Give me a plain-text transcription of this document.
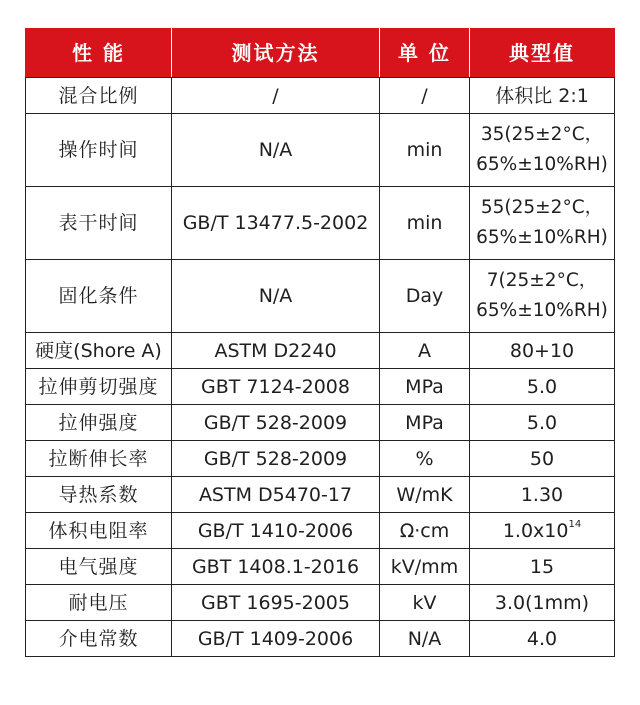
性 能	测试方法	单 位	典型值
混合比例	/	/	体积比 2:1
操作时间	N/A	min	35(25±2°C，
65%±10%RH)

表干时间	GB/T 13477.5-2002	min	55(25±2°C，
65%±10%RH)

固化条件	N/A	Day	7(25±2°C，
65%±10%RH)

硬度(Shore A)	ASTM D2240	A	80+10
拉伸剪切强度	GBT 7124-2008	MPa	5.0
拉伸强度	GB/T 528-2009	MPa	5.0
拉断伸长率	GB/T 528-2009	%	50
导热系数	ASTM D5470-17	W/mK	1.30
体积电阻率	GB/T 1410-2006	Ω·cm	$1.0x10^{14}$
电气强度	GBT 1408.1-2016	kV/mm	15
耐电压	GBT 1695-2005	kV	3.0(1mm)
介电常数	GB/T 1409-2006	N/A	4.0
